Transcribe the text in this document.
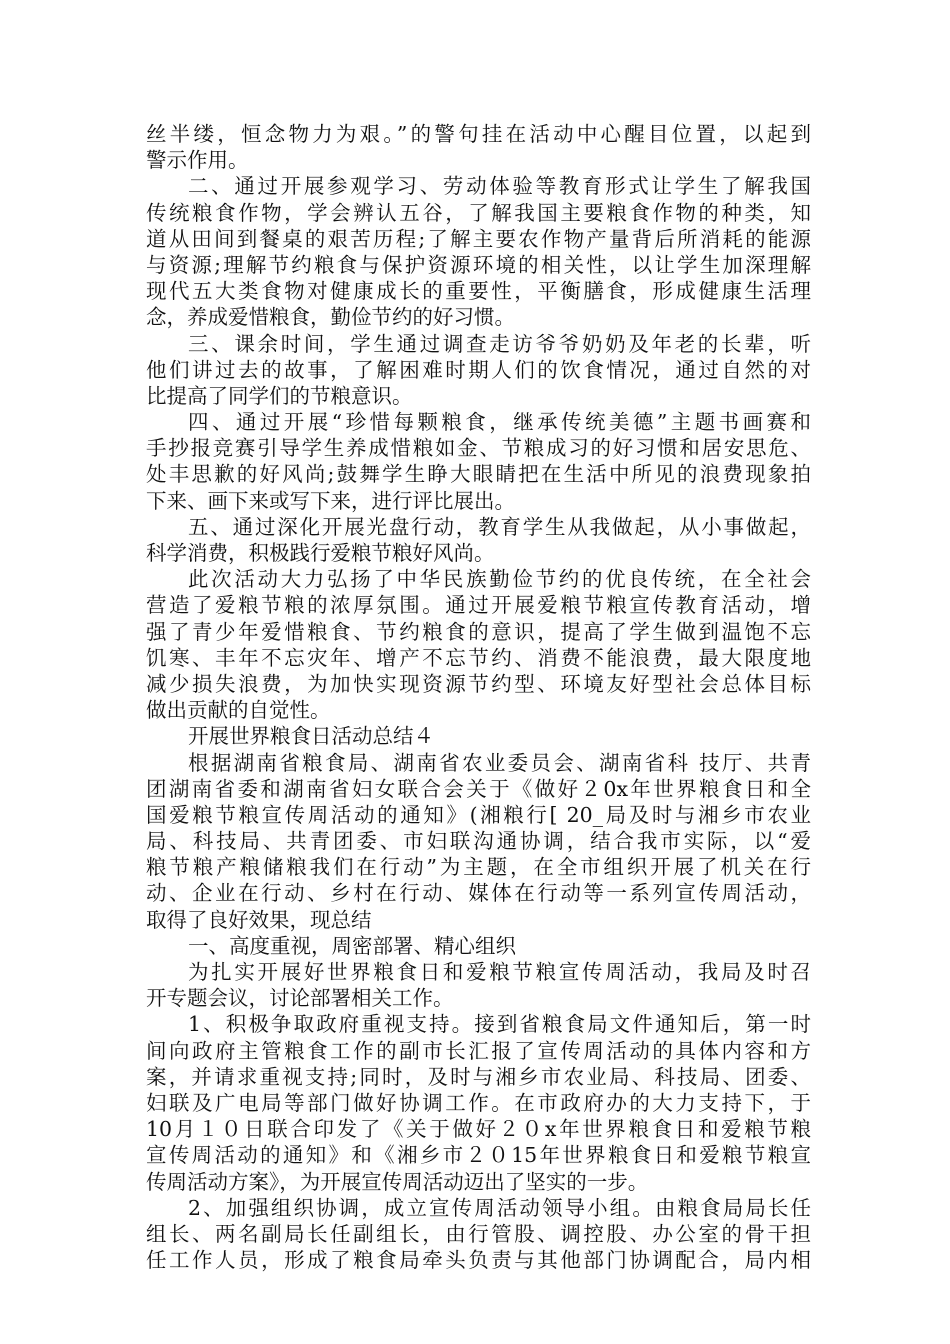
丝半缕，恒念物力为艰。”的警句挂在活动中心醒目位置，以起到
警示作用。
二、通过开展参观学习、劳动体验等教育形式让学生了解我国
传统粮食作物，学会辨认五谷，了解我国主要粮食作物的种类，知
道从田间到餐桌的艰苦历程;了解主要农作物产量背后所消耗的能源
与资源;理解节约粮食与保护资源环境的相关性，以让学生加深理解
现代五大类食物对健康成长的重要性，平衡膳食，形成健康生活理
念，养成爱惜粮食，勤俭节约的好习惯。
三、课余时间，学生通过调查走访爷爷奶奶及年老的长辈，听
他们讲过去的故事，了解困难时期人们的饮食情况，通过自然的对
比提高了同学们的节粮意识。
四、通过开展“珍惜每颗粮食，继承传统美德”主题书画赛和
手抄报竞赛引导学生养成惜粮如金、节粮成习的好习惯和居安思危、
处丰思歉的好风尚;鼓舞学生睁大眼睛把在生活中所见的浪费现象拍
下来、画下来或写下来，进行评比展出。
五、通过深化开展光盘行动，教育学生从我做起，从小事做起，
科学消费，积极践行爱粮节粮好风尚。
此次活动大力弘扬了中华民族勤俭节约的优良传统，在全社会
营造了爱粮节粮的浓厚氛围。通过开展爱粮节粮宣传教育活动，增
强了青少年爱惜粮食、节约粮食的意识，提高了学生做到温饱不忘
饥寒、丰年不忘灾年、增产不忘节约、消费不能浪费，最大限度地
减少损失浪费，为加快实现资源节约型、环境友好型社会总体目标
做出贡献的自觉性。
开展世界粮食日活动总结４
根据湖南省粮食局、湖南省农业委员会、湖南省科 技厅、共青
团湖南省委和湖南省妇女联合会关于《做好２0x年世界粮食日和全
国爱粮节粮宣传周活动的通知》(湘粮行[ 20_局及时与湘乡市农业
局、科技局、共青团委、市妇联沟通协调，结合我市实际，以“爱
粮节粮产粮储粮我们在行动”为主题，在全市组织开展了机关在行
动、企业在行动、乡村在行动、媒体在行动等一系列宣传周活动，
取得了良好效果，现总结
一、高度重视，周密部署、精心组织
为扎实开展好世界粮食日和爱粮节粮宣传周活动，我局及时召
开专题会议，讨论部署相关工作。
1、积极争取政府重视支持。接到省粮食局文件通知后，第一时
间向政府主管粮食工作的副市长汇报了宣传周活动的具体内容和方
案，并请求重视支持;同时，及时与湘乡市农业局、科技局、团委、
妇联及广电局等部门做好协调工作。在市政府办的大力支持下，于
10月１０日联合印发了《关于做好２０x年世界粮食日和爱粮节粮
宣传周活动的通知》和《湘乡市２０15年世界粮食日和爱粮节粮宣
传周活动方案》，为开展宣传周活动迈出了坚实的一步。
2、加强组织协调，成立宣传周活动领导小组。由粮食局局长任
组长、两名副局长任副组长，由行管股、调控股、办公室的骨干担
任工作人员，形成了粮食局牵头负责与其他部门协调配合，局内相
